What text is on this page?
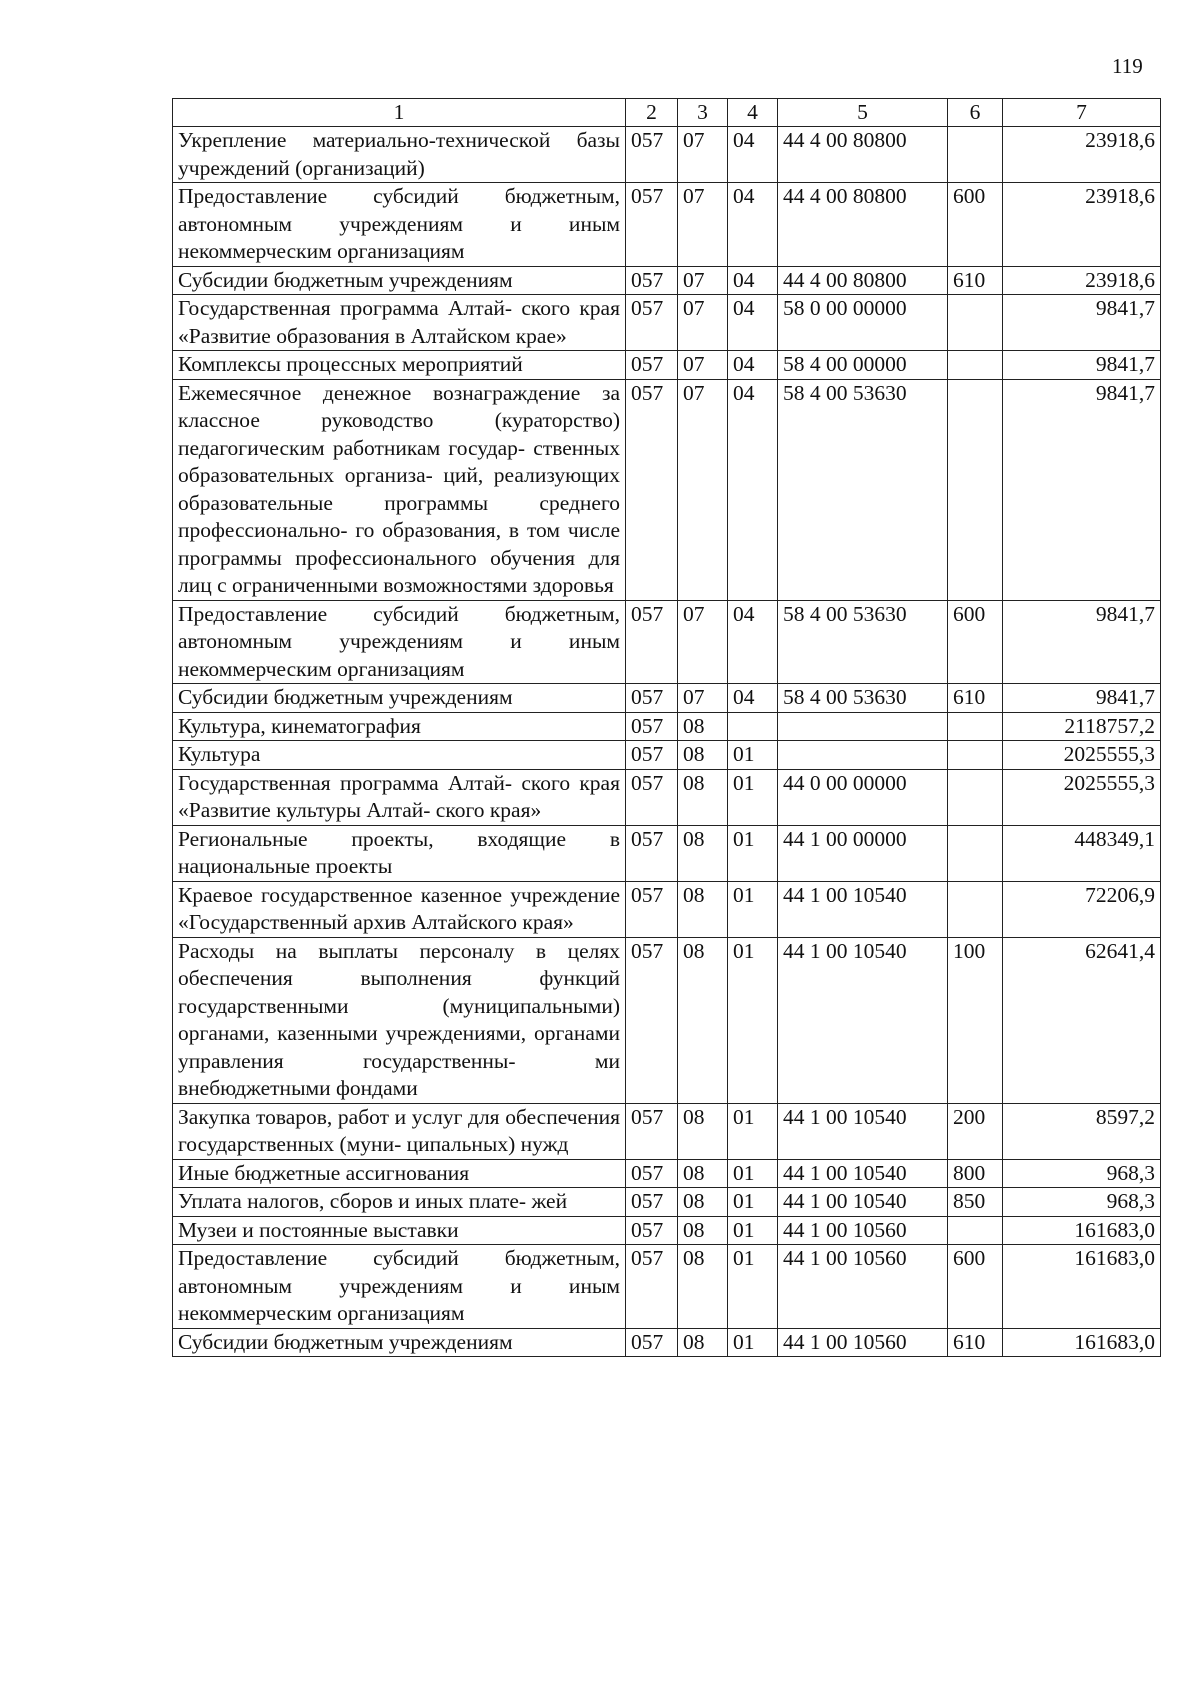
119
1	2	3	4	5	6	7
Укрепление материально-технической базы учреждений (организаций)	057	07	04	44 4 00 80800		23918,6
Предоставление субсидий бюджетным, автономным учреждениям и иным некоммерческим организациям	057	07	04	44 4 00 80800	600	23918,6
Субсидии бюджетным учреждениям	057	07	04	44 4 00 80800	610	23918,6
Государственная программа Алтай- ского края «Развитие образования в Алтайском крае»	057	07	04	58 0 00 00000		9841,7
Комплексы процессных мероприятий	057	07	04	58 4 00 00000		9841,7
Ежемесячное денежное вознаграждение за классное руководство (кураторство) педагогическим работникам государ- ственных образовательных организа- ций, реализующих образовательные программы среднего профессионально- го образования, в том числе программы профессионального обучения для лиц с ограниченными возможностями здоровья	057	07	04	58 4 00 53630		9841,7
Предоставление субсидий бюджетным, автономным учреждениям и иным некоммерческим организациям	057	07	04	58 4 00 53630	600	9841,7
Субсидии бюджетным учреждениям	057	07	04	58 4 00 53630	610	9841,7
Культура, кинематография	057	08				2118757,2
Культура	057	08	01			2025555,3
Государственная программа Алтай- ского края «Развитие культуры Алтай- ского края»	057	08	01	44 0 00 00000		2025555,3
Региональные проекты, входящие в национальные проекты	057	08	01	44 1 00 00000		448349,1
Краевое государственное казенное учреждение «Государственный архив Алтайского края»	057	08	01	44 1 00 10540		72206,9
Расходы на выплаты персоналу в целях обеспечения выполнения функций государственными (муниципальными) органами, казенными учреждениями, органами управления государственны- ми внебюджетными фондами	057	08	01	44 1 00 10540	100	62641,4
Закупка товаров, работ и услуг для обеспечения государственных (муни- ципальных) нужд	057	08	01	44 1 00 10540	200	8597,2
Иные бюджетные ассигнования	057	08	01	44 1 00 10540	800	968,3
Уплата налогов, сборов и иных плате- жей	057	08	01	44 1 00 10540	850	968,3
Музеи и постоянные выставки	057	08	01	44 1 00 10560		161683,0
Предоставление субсидий бюджетным, автономным учреждениям и иным некоммерческим организациям	057	08	01	44 1 00 10560	600	161683,0
Субсидии бюджетным учреждениям	057	08	01	44 1 00 10560	610	161683,0
